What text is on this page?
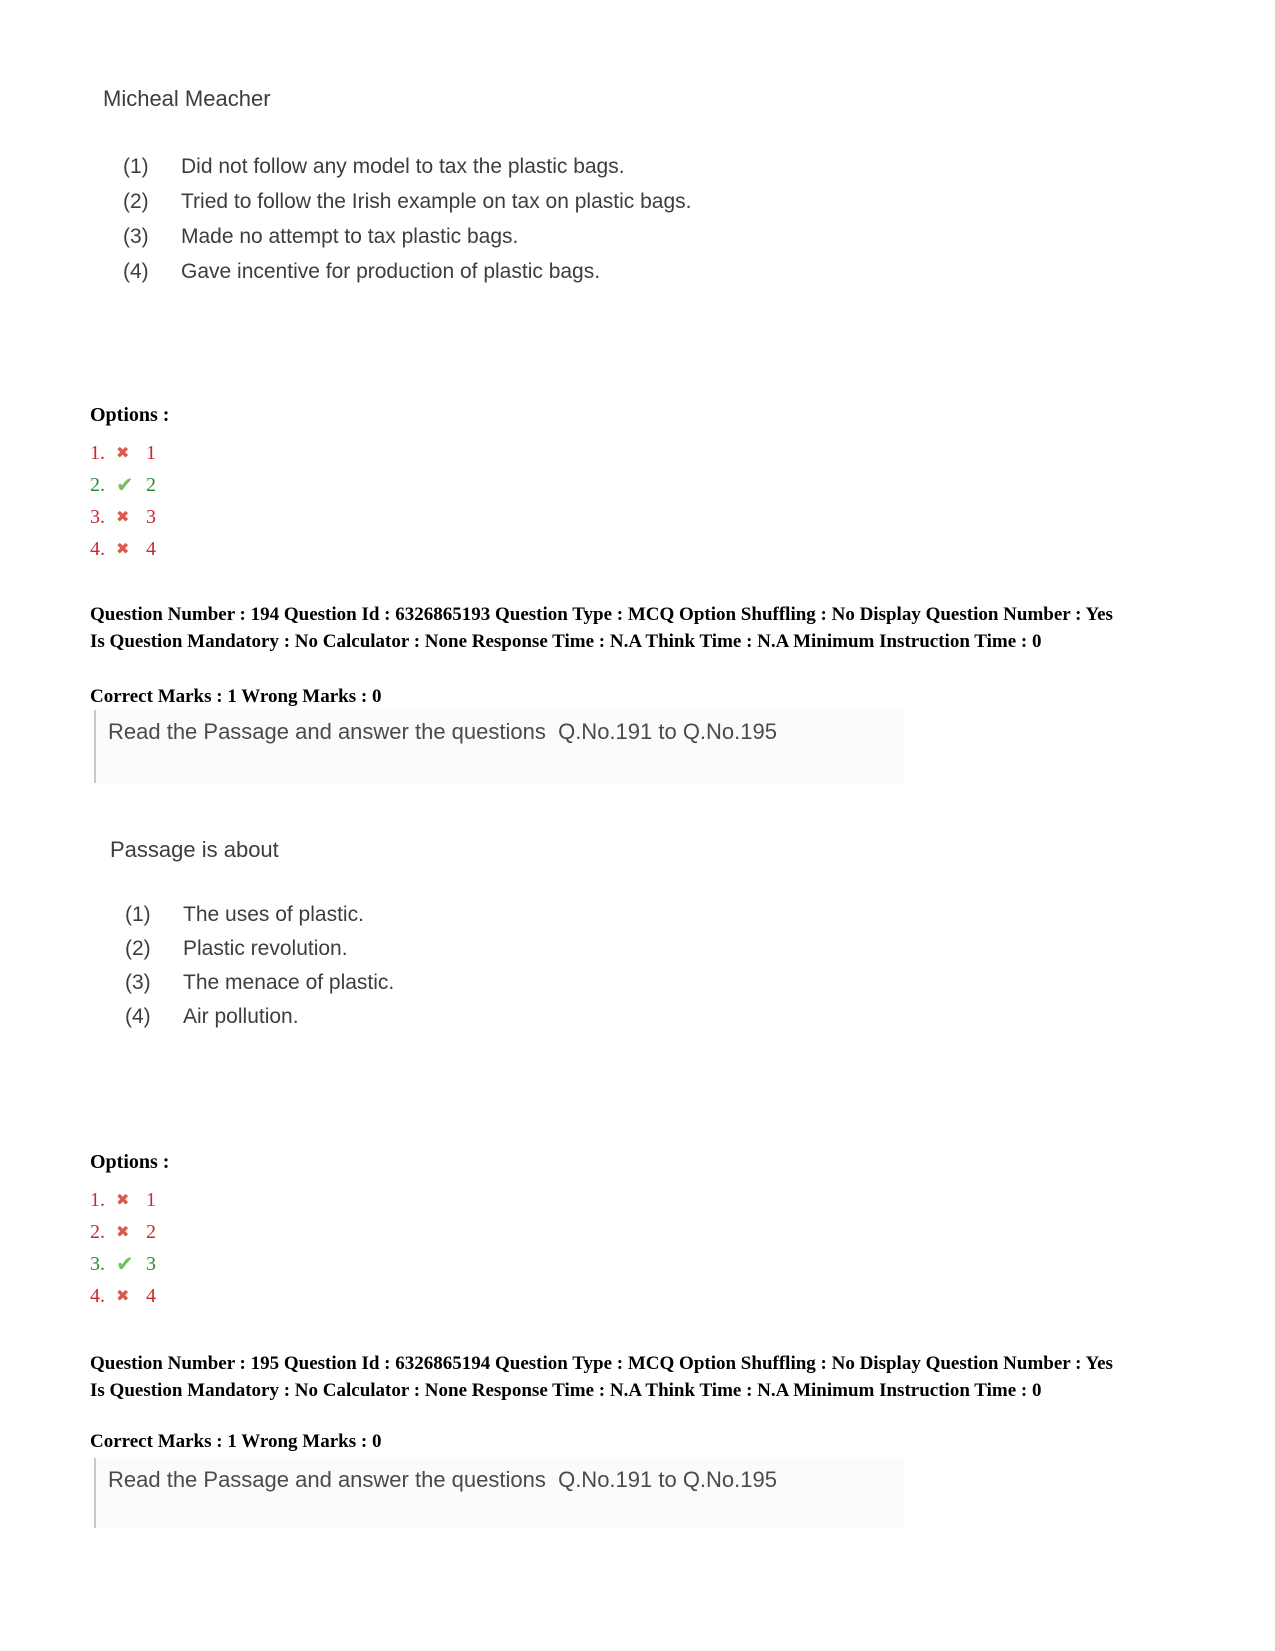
Micheal Meacher
(1)	Did not follow any model to tax the plastic bags.
(2)	Tried to follow the Irish example on tax on plastic bags.
(3)	Made no attempt to tax plastic bags.
(4)	Gave incentive for production of plastic bags.
Options :
1. ✖ 1
2. ✔ 2
3. ✖ 3
4. ✖ 4
Question Number : 194 Question Id : 6326865193 Question Type : MCQ Option Shuffling : No Display Question Number : Yes Is Question Mandatory : No Calculator : None Response Time : N.A Think Time : N.A Minimum Instruction Time : 0
Correct Marks : 1 Wrong Marks : 0
Read the Passage and answer the questions  Q.No.191 to Q.No.195
Passage is about
(1)	The uses of plastic.
(2)	Plastic revolution.
(3)	The menace of plastic.
(4)	Air pollution.
Options :
1. ✖ 1
2. ✖ 2
3. ✔ 3
4. ✖ 4
Question Number : 195 Question Id : 6326865194 Question Type : MCQ Option Shuffling : No Display Question Number : Yes Is Question Mandatory : No Calculator : None Response Time : N.A Think Time : N.A Minimum Instruction Time : 0
Correct Marks : 1 Wrong Marks : 0
Read the Passage and answer the questions  Q.No.191 to Q.No.195
